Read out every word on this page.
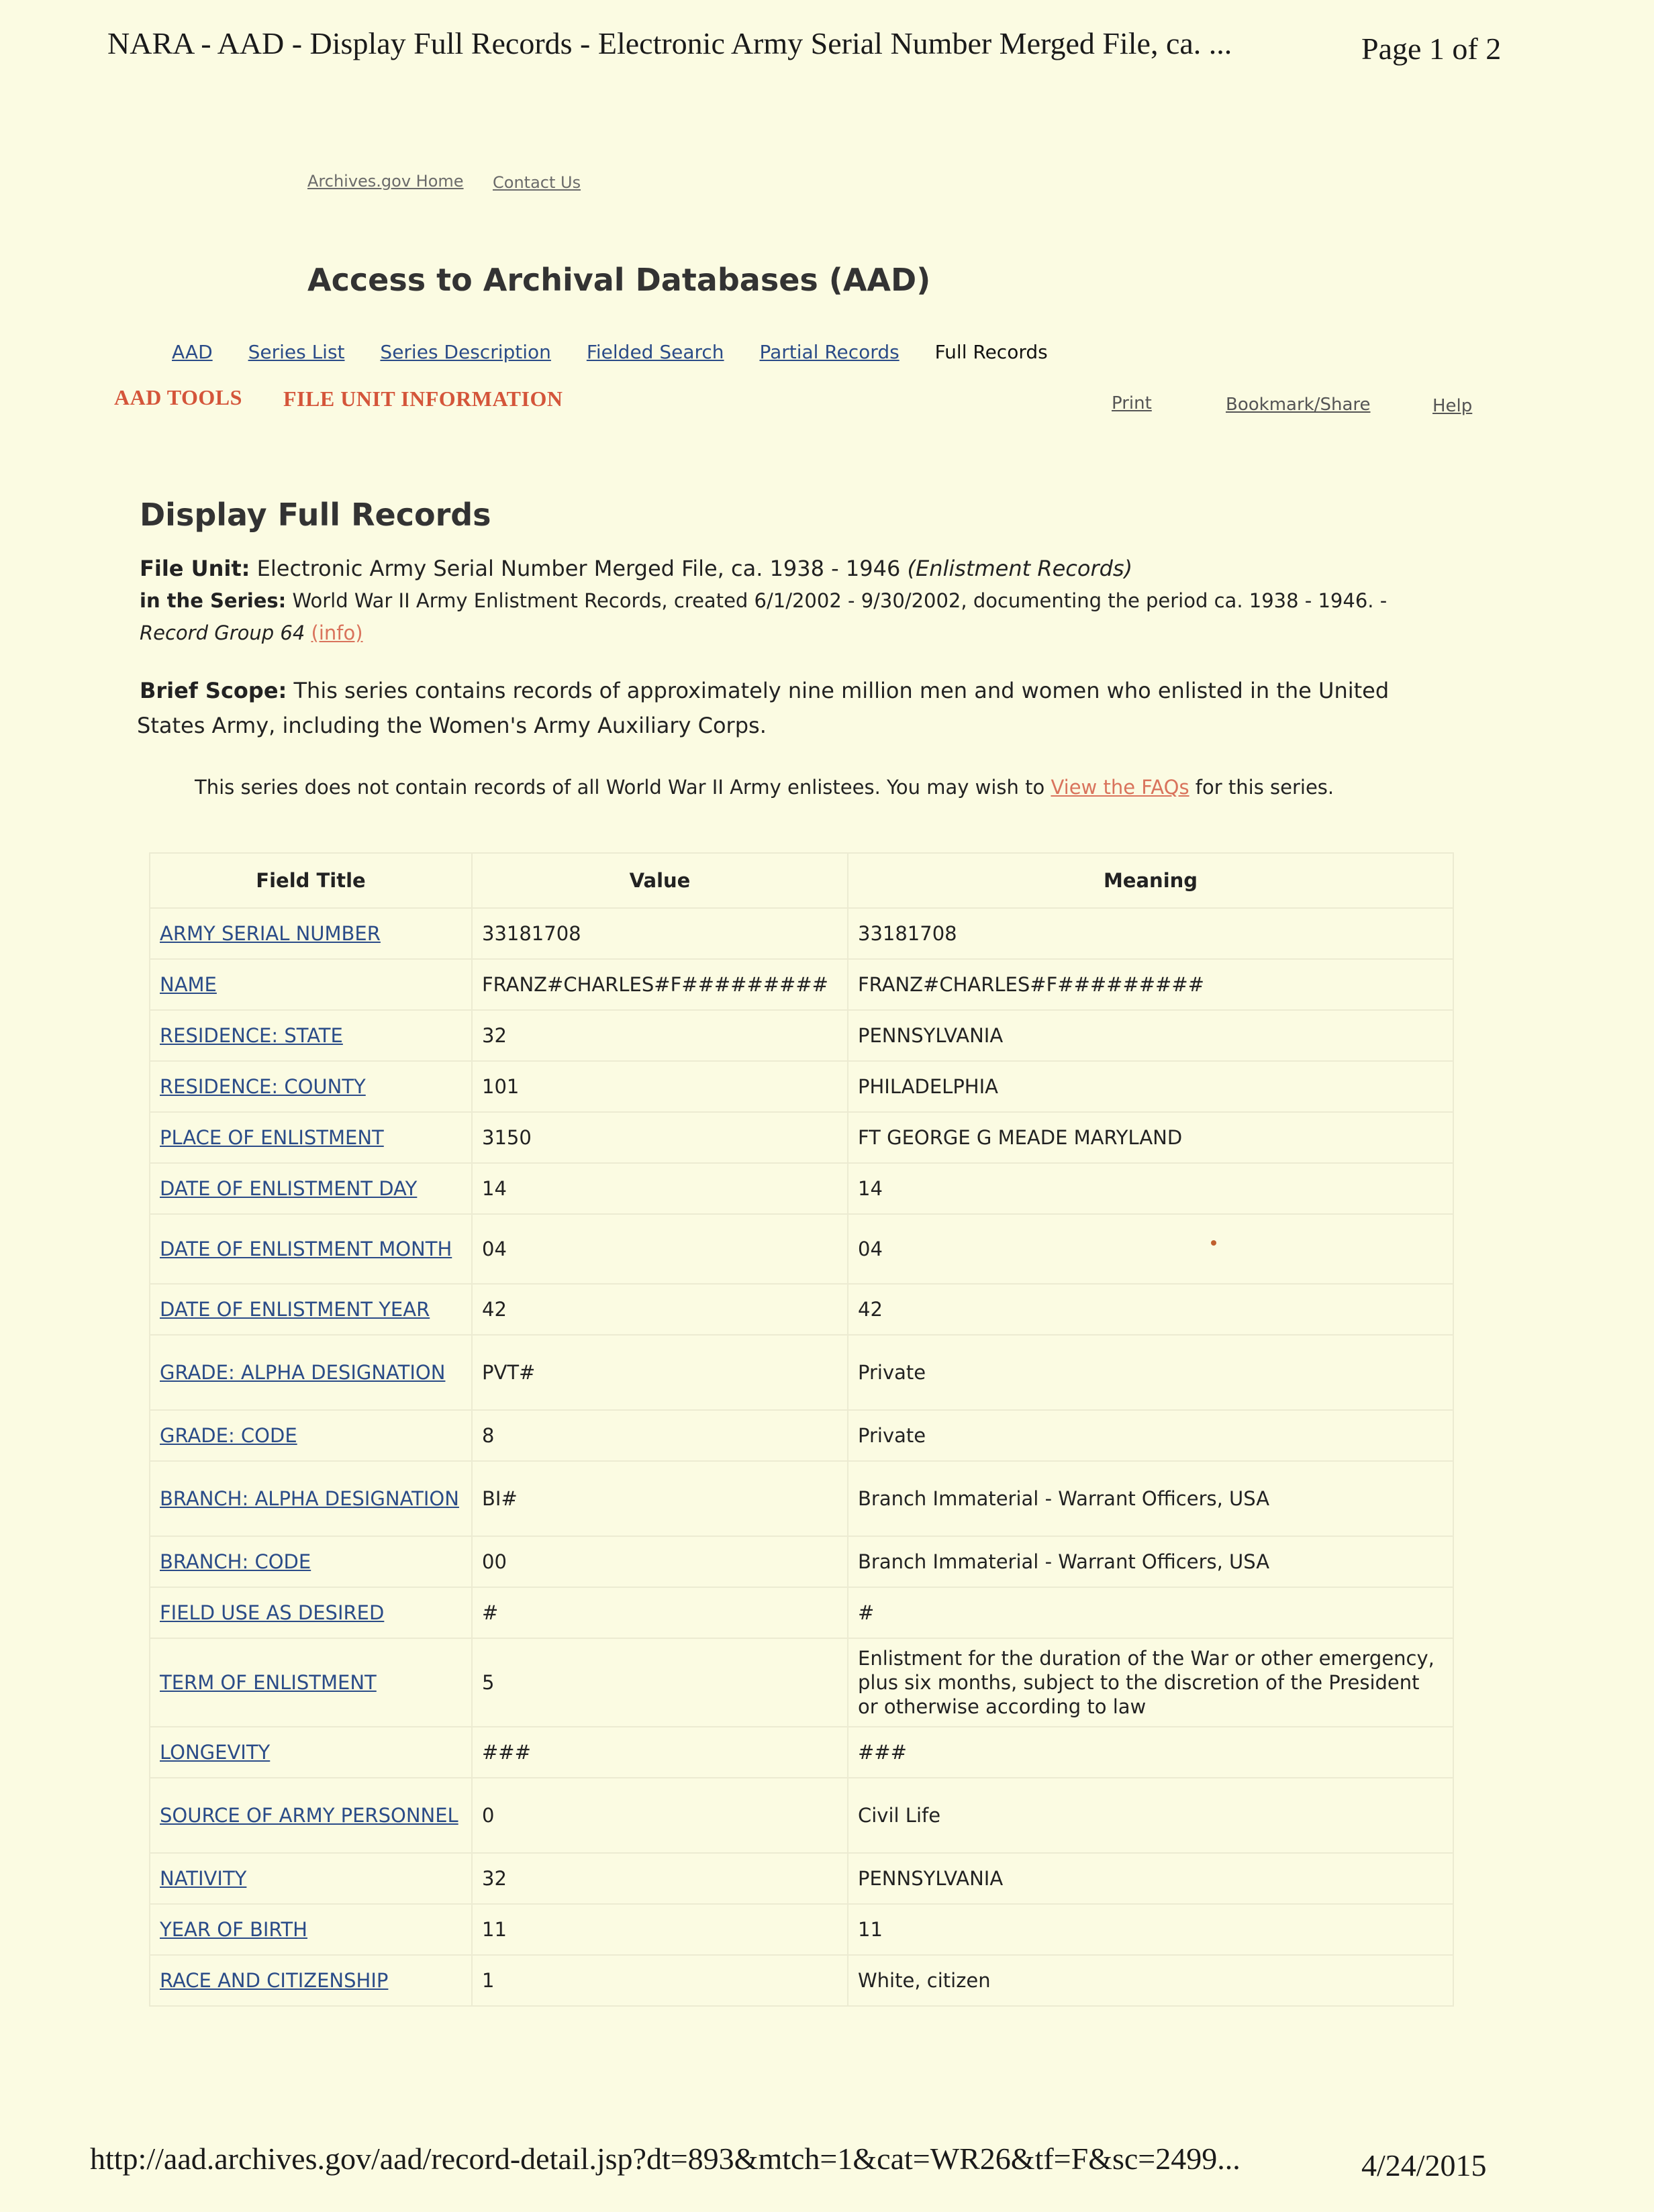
NARA - AAD - Display Full Records - Electronic Army Serial Number Merged File, ca. ...	Page 1 of 2
Archives.gov Home Contact Us
Access to Archival Databases (AAD)
AAD Series List Series Description Fielded Search Partial Records Full Records
AAD TOOLS FILE UNIT INFORMATION	Print	Bookmark/Share	Help
Display Full Records
File Unit: Electronic Army Serial Number Merged File, ca. 1938 - 1946 (Enlistment Records)
in the Series: World War II Army Enlistment Records, created 6/1/2002 - 9/30/2002, documenting the period ca. 1938 - 1946. -
Record Group 64 (info)
Brief Scope: This series contains records of approximately nine million men and women who enlisted in the United
States Army, including the Women's Army Auxiliary Corps.
This series does not contain records of all World War II Army enlistees. You may wish to View the FAQs for this series.
Field Title	Value	Meaning
ARMY SERIAL NUMBER	33181708	33181708
NAME	FRANZ#CHARLES#F#########	FRANZ#CHARLES#F#########
RESIDENCE: STATE	32	PENNSYLVANIA
RESIDENCE: COUNTY	101	PHILADELPHIA
PLACE OF ENLISTMENT	3150	FT GEORGE G MEADE MARYLAND
DATE OF ENLISTMENT DAY	14	14
DATE OF ENLISTMENT MONTH	04	04
DATE OF ENLISTMENT YEAR	42	42
GRADE: ALPHA DESIGNATION	PVT#	Private
GRADE: CODE	8	Private
BRANCH: ALPHA DESIGNATION	BI#	Branch Immaterial - Warrant Officers, USA
BRANCH: CODE	00	Branch Immaterial - Warrant Officers, USA
FIELD USE AS DESIRED	#	#
TERM OF ENLISTMENT	5	Enlistment for the duration of the War or other emergency, plus six months, subject to the discretion of the President or otherwise according to law
LONGEVITY	###	###
SOURCE OF ARMY PERSONNEL	0	Civil Life
NATIVITY	32	PENNSYLVANIA
YEAR OF BIRTH	11	11
RACE AND CITIZENSHIP	1	White, citizen
http://aad.archives.gov/aad/record-detail.jsp?dt=893&mtch=1&cat=WR26&tf=F&sc=2499...	4/24/2015
